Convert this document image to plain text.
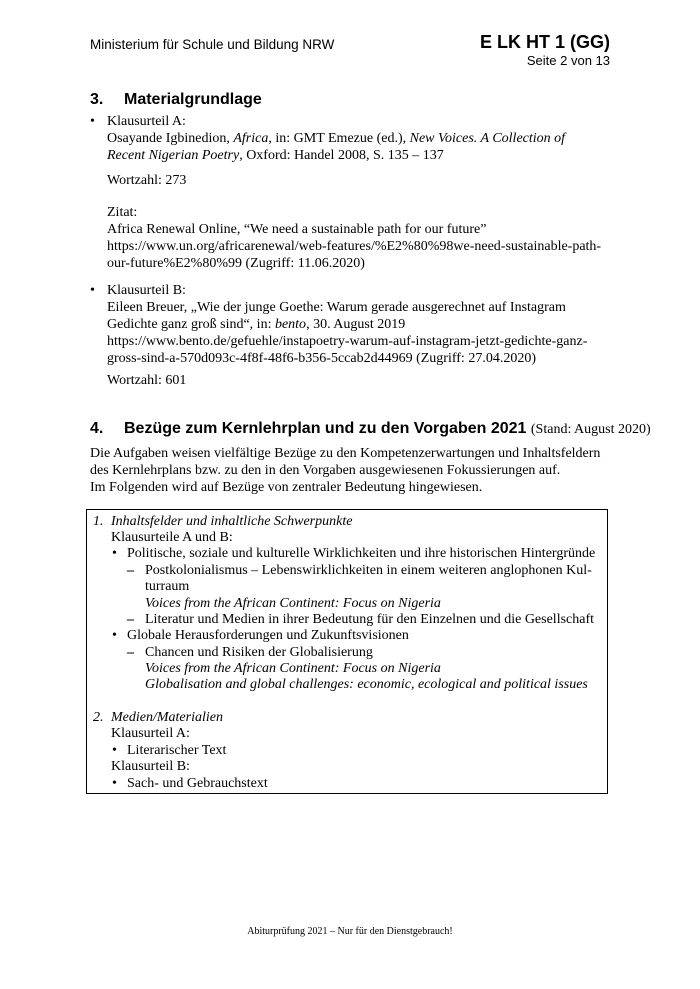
Ministerium für Schule und Bildung NRW	E LK HT 1 (GG)
Seite 2 von 13
3. Materialgrundlage
• Klausurteil A:
Osayande Igbinedion, Africa, in: GMT Emezue (ed.), New Voices. A Collection of
Recent Nigerian Poetry, Oxford: Handel 2008, S. 135 – 137
Wortzahl: 273
Zitat:
Africa Renewal Online, “We need a sustainable path for our future”
https://www.un.org/africarenewal/web-features/%E2%80%98we-need-sustainable-path-
our-future%E2%80%99 (Zugriff: 11.06.2020)
• Klausurteil B:
Eileen Breuer, „Wie der junge Goethe: Warum gerade ausgerechnet auf Instagram
Gedichte ganz groß sind“, in: bento, 30. August 2019
https://www.bento.de/gefuehle/instapoetry-warum-auf-instagram-jetzt-gedichte-ganz-
gross-sind-a-570d093c-4f8f-48f6-b356-5ccab2d44969 (Zugriff: 27.04.2020)
Wortzahl: 601
4. Bezüge zum Kernlehrplan und zu den Vorgaben 2021 (Stand: August 2020)
Die Aufgaben weisen vielfältige Bezüge zu den Kompetenzerwartungen und Inhaltsfeldern
des Kernlehrplans bzw. zu den in den Vorgaben ausgewiesenen Fokussierungen auf.
Im Folgenden wird auf Bezüge von zentraler Bedeutung hingewiesen.
1. Inhaltsfelder und inhaltliche Schwerpunkte
Klausurteile A und B:
• Politische, soziale und kulturelle Wirklichkeiten und ihre historischen Hintergründe
– Postkolonialismus – Lebenswirklichkeiten in einem weiteren anglophonen Kul-
turraum
Voices from the African Continent: Focus on Nigeria
– Literatur und Medien in ihrer Bedeutung für den Einzelnen und die Gesellschaft
• Globale Herausforderungen und Zukunftsvisionen
– Chancen und Risiken der Globalisierung
Voices from the African Continent: Focus on Nigeria
Globalisation and global challenges: economic, ecological and political issues
2. Medien/Materialien
Klausurteil A:
• Literarischer Text
Klausurteil B:
• Sach- und Gebrauchstext
Abiturprüfung 2021 – Nur für den Dienstgebrauch!
